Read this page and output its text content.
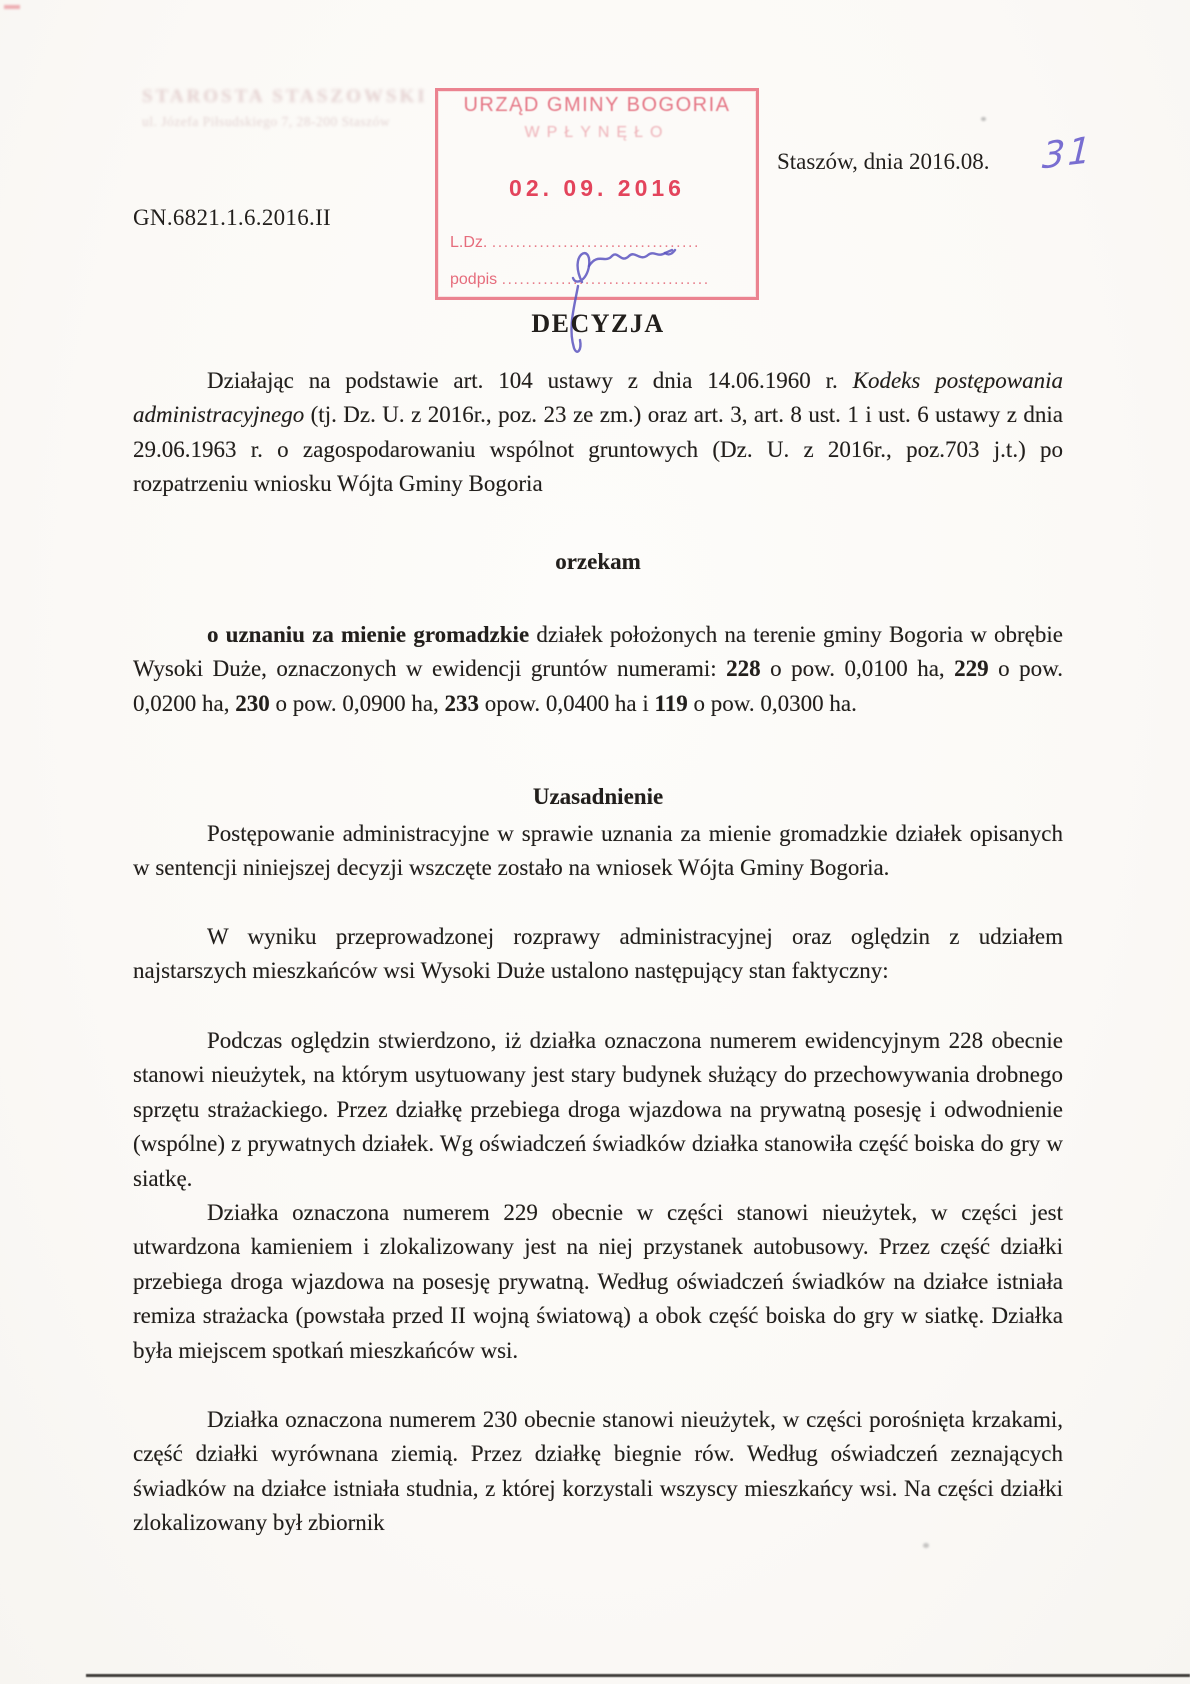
STAROSTA STASZOWSKI
ul. Józefa Piłsudskiego 7, 28-200 Staszów
URZĄD GMINY BOGORIA
WPŁYNĘŁO
02. 09. 2016
L.Dz. ...................................
podpis ...................................
Staszów, dnia 2016.08. 31
GN.6821.1.6.2016.II
DECYZJA

Działając na podstawie art. 104 ustawy z dnia 14.06.1960 r. Kodeks postępowania administracyjnego (tj. Dz. U. z 2016r., poz. 23 ze zm.) oraz art. 3, art. 8 ust. 1 i ust. 6 ustawy z dnia 29.06.1963 r. o zagospodarowaniu wspólnot gruntowych (Dz. U. z 2016r., poz.703 j.t.) po rozpatrzeniu wniosku Wójta Gminy Bogoria

orzekam

o uznaniu za mienie gromadzkie działek położonych na terenie gminy Bogoria w obrębie Wysoki Duże, oznaczonych w ewidencji gruntów numerami: 228 o pow. 0,0100 ha, 229 o pow. 0,0200 ha, 230 o pow. 0,0900 ha, 233 opow. 0,0400 ha i 119 o pow. 0,0300 ha.

Uzasadnienie

Postępowanie administracyjne w sprawie uznania za mienie gromadzkie działek opisanych w sentencji niniejszej decyzji wszczęte zostało na wniosek Wójta Gminy Bogoria.

W wyniku przeprowadzonej rozprawy administracyjnej oraz oględzin z udziałem najstarszych mieszkańców wsi Wysoki Duże ustalono następujący stan faktyczny:

Podczas oględzin stwierdzono, iż działka oznaczona numerem ewidencyjnym 228 obecnie stanowi nieużytek, na którym usytuowany jest stary budynek służący do przechowywania drobnego sprzętu strażackiego. Przez działkę przebiega droga wjazdowa na prywatną posesję i odwodnienie (wspólne) z prywatnych działek. Wg oświadczeń świadków działka stanowiła część boiska do gry w siatkę.

Działka oznaczona numerem 229 obecnie w części stanowi nieużytek, w części jest utwardzona kamieniem i zlokalizowany jest na niej przystanek autobusowy. Przez część działki przebiega droga wjazdowa na posesję prywatną. Według oświadczeń świadków na działce istniała remiza strażacka (powstała przed II wojną światową) a obok część boiska do gry w siatkę. Działka była miejscem spotkań mieszkańców wsi.

Działka oznaczona numerem 230 obecnie stanowi nieużytek, w części porośnięta krzakami, część działki wyrównana ziemią. Przez działkę biegnie rów. Według oświadczeń zeznających świadków na działce istniała studnia, z której korzystali wszyscy mieszkańcy wsi. Na części działki zlokalizowany był zbiornik
